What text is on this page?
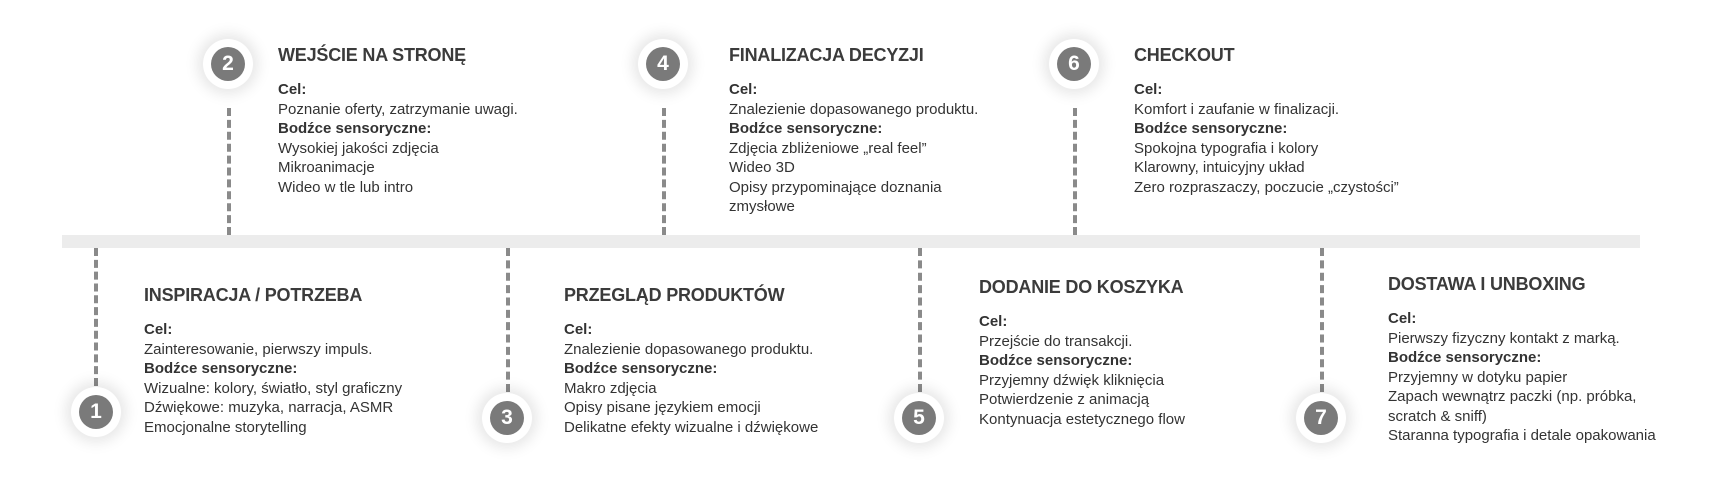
2	4	6
1	3	5	7
WEJŚCIE NA STRONĘ
Cel:
Poznanie oferty, zatrzymanie uwagi.
Bodźce sensoryczne:
Wysokiej jakości zdjęcia
Mikroanimacje
Wideo w tle lub intro
FINALIZACJA DECYZJI
Cel:
Znalezienie dopasowanego produktu.
Bodźce sensoryczne:
Zdjęcia zbliżeniowe „real feel”
Wideo 3D
Opisy przypominające doznania
zmysłowe
CHECKOUT
Cel:
Komfort i zaufanie w finalizacji.
Bodźce sensoryczne:
Spokojna typografia i kolory
Klarowny, intuicyjny układ
Zero rozpraszaczy, poczucie „czystości”
INSPIRACJA / POTRZEBA
Cel:
Zainteresowanie, pierwszy impuls.
Bodźce sensoryczne:
Wizualne: kolory, światło, styl graficzny
Dźwiękowe: muzyka, narracja, ASMR
Emocjonalne storytelling
PRZEGLĄD PRODUKTÓW
Cel:
Znalezienie dopasowanego produktu.
Bodźce sensoryczne:
Makro zdjęcia
Opisy pisane językiem emocji
Delikatne efekty wizualne i dźwiękowe
DODANIE DO KOSZYKA
Cel:
Przejście do transakcji.
Bodźce sensoryczne:
Przyjemny dźwięk kliknięcia
Potwierdzenie z animacją
Kontynuacja estetycznego flow
DOSTAWA I UNBOXING
Cel:
Pierwszy fizyczny kontakt z marką.
Bodźce sensoryczne:
Przyjemny w dotyku papier
Zapach wewnątrz paczki (np. próbka,
scratch & sniff)
Staranna typografia i detale opakowania
